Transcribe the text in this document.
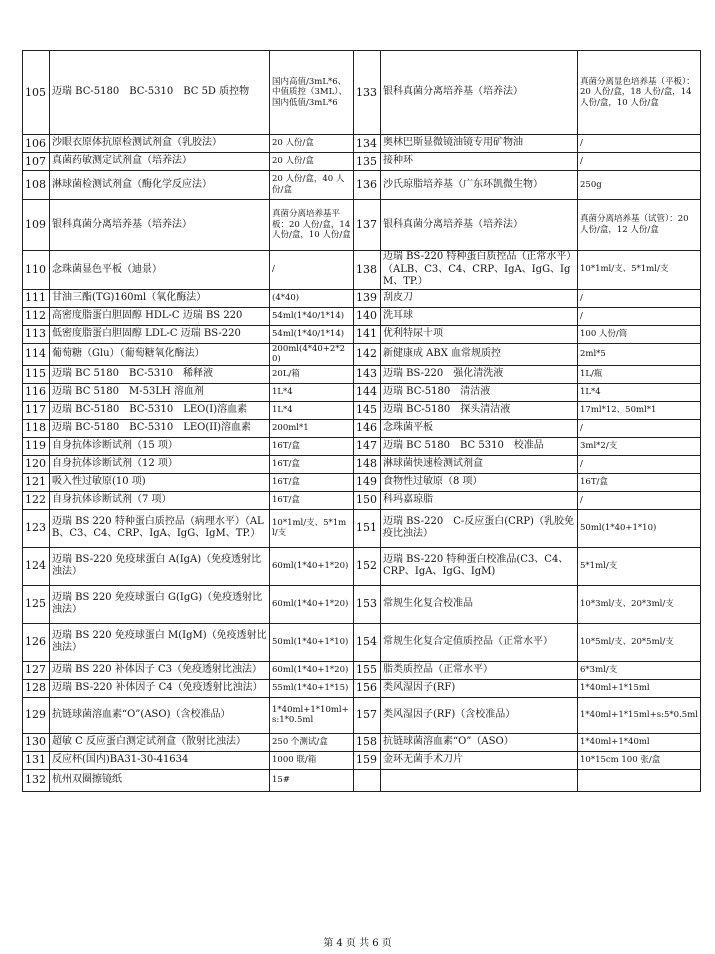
105	迈瑞 BC-5180　BC-5310　BC 5D 质控物	国内高值/3mL*6、中值质控（3ML）、国内低值/3mL*6	133	银科真菌分离培养基（培养法）	真菌分离显色培养基（平板）：20 人份/盒，18 人份/盒，14 人份/盒，10 人份/盒
106	沙眼衣原体抗原检测试剂盒（乳胶法）	20 人份/盒	134	奥林巴斯显微镜油镜专用矿物油	/
107	真菌药敏测定试剂盒（培养法）	20 人份/盒	135	接种环	/
108	淋球菌检测试剂盒（酶化学反应法）	20 人份/盒，40 人份/盒	136	沙氏琼脂培养基（广东环凯微生物）	250g
109	银科真菌分离培养基（培养法）	真菌分离培养基平板：20 人份/盒，14 人份/盒，10 人份/盒	137	银科真菌分离培养基（培养法）	真菌分离培养基（试管）：20 人份/盒，12 人份/盒
110	念珠菌显色平板（迪景）	/	138	迈瑞 BS-220 特种蛋白质控品（正常水平）（ALB、C3、C4、CRP、IgA、IgG、IgM、TP.）	10*1ml/支、5*1ml/支
111	甘油三酯(TG)160ml（氧化酶法）	(4*40)	139	刮皮刀	/
112	高密度脂蛋白胆固醇 HDL-C 迈瑞 BS 220	54ml(1*40/1*14)	140	洗耳球	/
113	低密度脂蛋白胆固醇 LDL-C 迈瑞 BS-220	54ml(1*40/1*14)	141	优利特尿十项	100 人份/筒
114	葡萄糖（Glu）（葡萄糖氧化酶法）	200ml(4*40+2*20)	142	新健康成 ABX 血常规质控	2ml*5
115	迈瑞 BC 5180　BC-5310　稀释液	20L/箱	143	迈瑞 BS-220　强化清洗液	1L/瓶
116	迈瑞 BC 5180　M-53LH 溶血剂	1L*4	144	迈瑞 BC-5180　清洁液	1L*4
117	迈瑞 BC-5180　BC-5310　LEO(I)溶血素	1L*4	145	迈瑞 BC-5180　探头清洁液	17ml*12、50ml*1
118	迈瑞 BC-5180　BC-5310　LEO(II)溶血素	200ml*1	146	念珠菌平板	/
119	自身抗体诊断试剂（15 项）	16T/盒	147	迈瑞 BC 5180　BC 5310　校准品	3ml*2/支
120	自身抗体诊断试剂（12 项）	16T/盒	148	淋球菌快速检测试剂盒	/
121	吸入性过敏原(10 项)	16T/盒	149	食物性过敏原（8 项）	16T/盒
122	自身抗体诊断试剂（7 项）	16T/盒	150	科玛嘉琼脂	/
123	迈瑞 BS 220 特种蛋白质控品（病理水平）（ALB、C3、C4、CRP、IgA、IgG、IgM、TP.）	10*1ml/支、5*1ml/支	151	迈瑞 BS-220　C-反应蛋白(CRP)（乳胶免疫比浊法）	50ml(1*40+1*10)
124	迈瑞 BS-220 免疫球蛋白 A(IgA)（免疫透射比浊法）	60ml(1*40+1*20)	152	迈瑞 BS-220 特种蛋白校准品(C3、C4、CRP、IgA、IgG、IgM)	5*1ml/支
125	迈瑞 BS 220 免疫球蛋白 G(IgG)（免疫透射比浊法）	60ml(1*40+1*20)	153	常规生化复合校准品	10*3ml/支、20*3ml/支
126	迈瑞 BS 220 免疫球蛋白 M(IgM)（免疫透射比浊法）	50ml(1*40+1*10)	154	常规生化复合定值质控品（正常水平）	10*5ml/支、20*5ml/支
127	迈瑞 BS 220 补体因子 C3（免疫透射比浊法）	60ml(1*40+1*20)	155	脂类质控品（正常水平）	6*3ml/支
128	迈瑞 BS-220 补体因子 C4（免疫透射比浊法）	55ml(1*40+1*15)	156	类风湿因子(RF)	1*40ml+1*15ml
129	抗链球菌溶血素“O”(ASO)（含校准品）	1*40ml+1*10ml+s:1*0.5ml	157	类风湿因子(RF)（含校准品）	1*40ml+1*15ml+s:5*0.5ml
130	超敏 C 反应蛋白测定试剂盒（散射比浊法）	250 个测试/盒	158	抗链球菌溶血素“O”（ASO）	1*40ml+1*40ml
131	反应杯(国内)BA31-30-41634	1000 联/箱	159	金环无菌手术刀片	10*15cm 100 张/盒
132	杭州双圈擦镜纸	15#			
第 4 页 共 6 页
